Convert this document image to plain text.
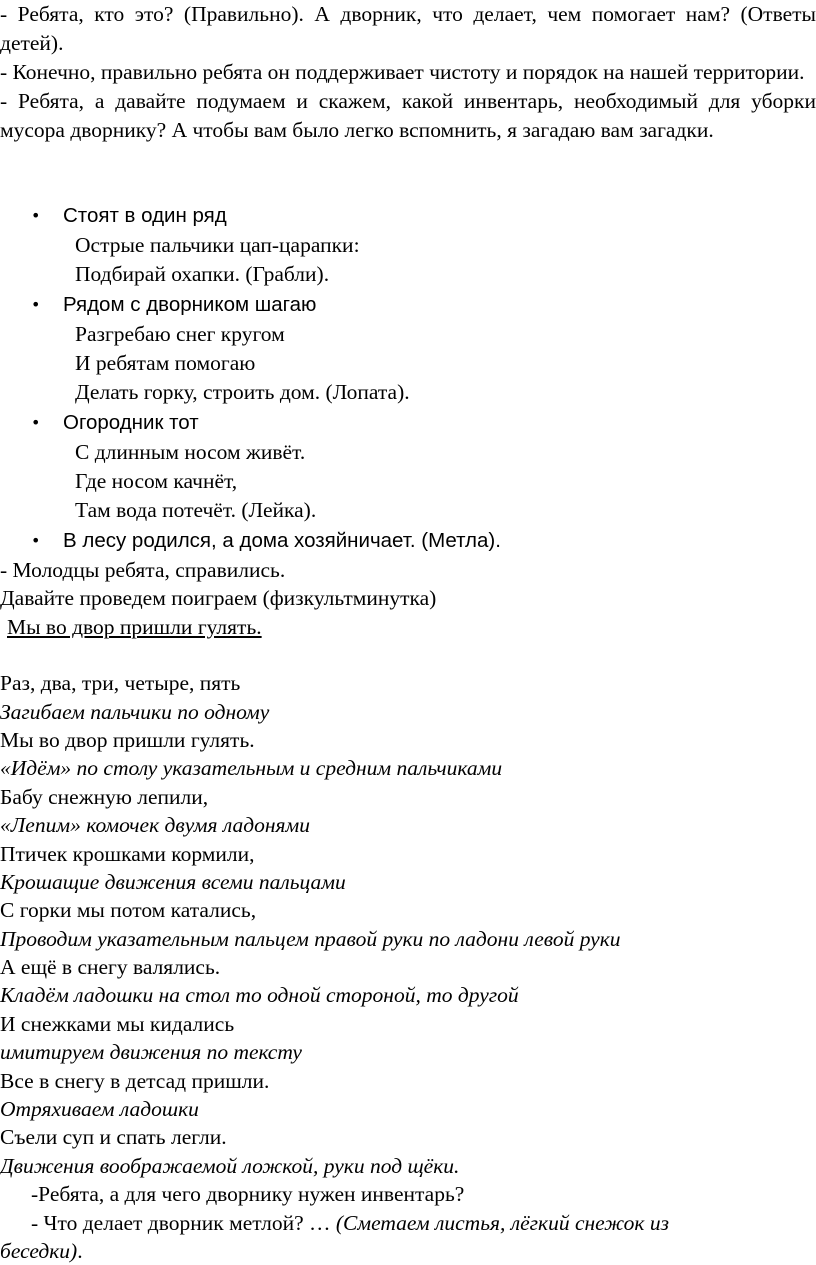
- Ребята, кто это? (Правильно). А дворник, что делает, чем помогает нам? (Ответы детей).

- Конечно, правильно ребята он поддерживает чистоту и порядок на нашей территории.

- Ребята, а давайте подумаем и скажем, какой инвентарь, необходимый для уборки мусора дворнику? А чтобы вам было легко вспомнить, я загадаю вам загадки.

• Стоят в один ряд
Острые пальчики цап-царапки:
Подбирай охапки. (Грабли).
• Рядом с дворником шагаю
Разгребаю снег кругом
И ребятам помогаю
Делать горку, строить дом. (Лопата).
• Огородник тот
С длинным носом живёт.
Где носом качнёт,
Там вода потечёт. (Лейка).
• В лесу родился, а дома хозяйничает. (Метла).
- Молодцы ребята, справились.
Давайте проведем поиграем (физкультминутка)
Мы во двор пришли гулять.
Раз, два, три, четыре, пять
Загибаем пальчики по одному
Мы во двор пришли гулять.
«Идём» по столу указательным и средним пальчиками
Бабу снежную лепили,
«Лепим» комочек двумя ладонями
Птичек крошками кормили,
Крошащие движения всеми пальцами
С горки мы потом катались,
Проводим указательным пальцем правой руки по ладони левой руки
А ещё в снегу валялись.
Кладём ладошки на стол то одной стороной, то другой
И снежками мы кидались
имитируем движения по тексту
Все в снегу в детсад пришли.
Отряхиваем ладошки
Съели суп и спать легли.
Движения воображаемой ложкой, руки под щёки.
-Ребята, а для чего дворнику нужен инвентарь?
- Что делает дворник метлой? … (Сметаем листья, лёгкий снежок из
беседки).
